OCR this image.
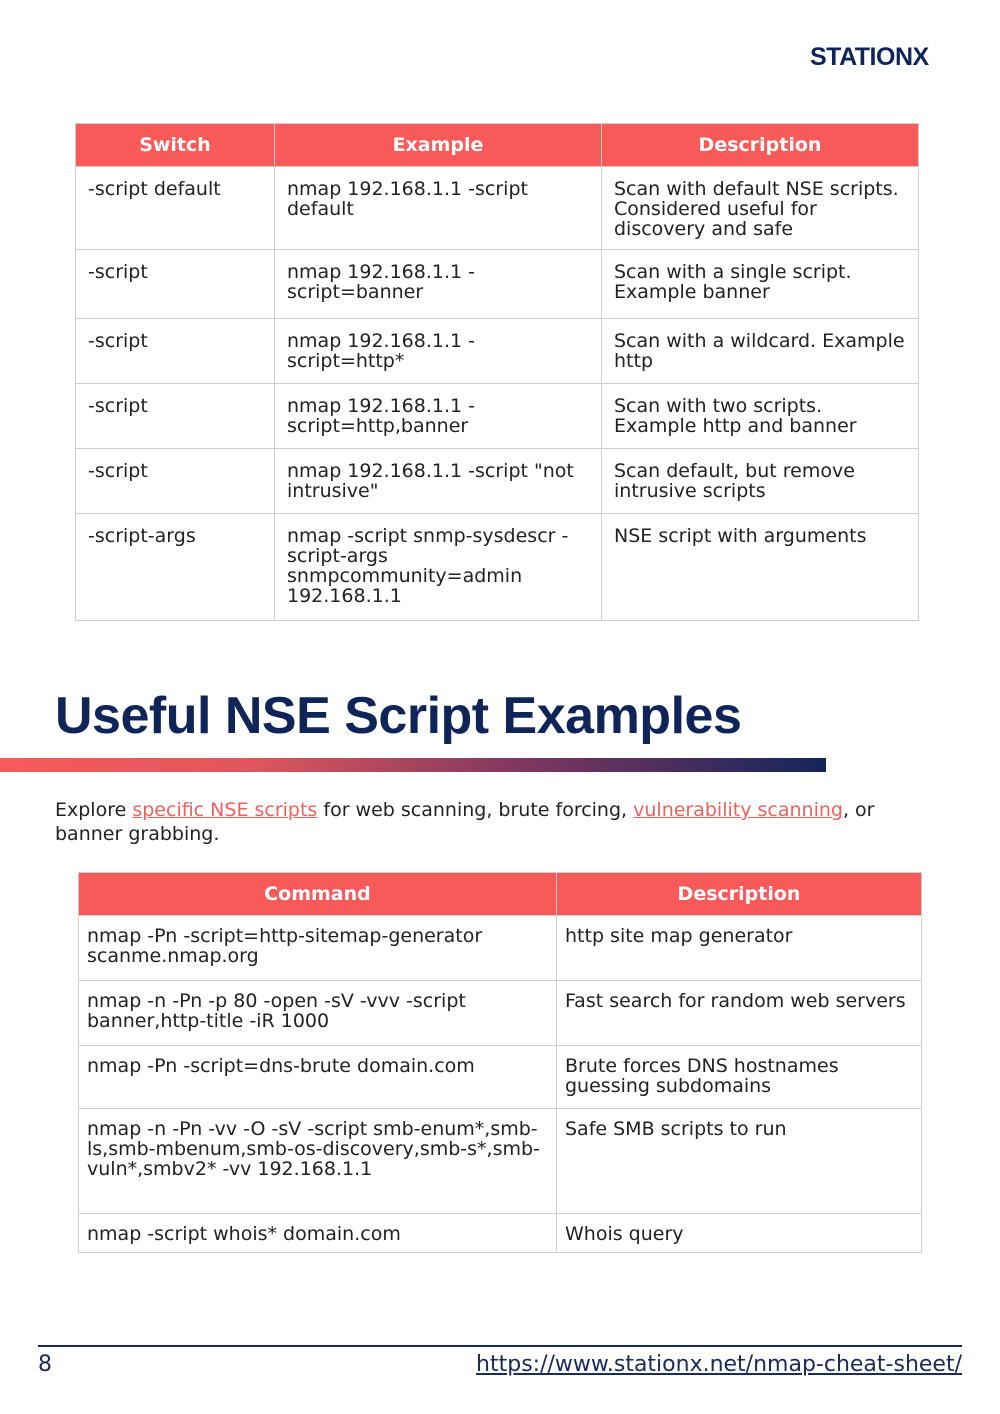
STATIONX
Switch	Example	Description
-script default	nmap 192.168.1.1 -script default	Scan with default NSE scripts. Considered useful for discovery and safe
-script	nmap 192.168.1.1 -script=banner	Scan with a single script. Example banner
-script	nmap 192.168.1.1 -script=http*	Scan with a wildcard. Example http
-script	nmap 192.168.1.1 -script=http,banner	Scan with two scripts. Example http and banner
-script	nmap 192.168.1.1 -script "not intrusive"	Scan default, but remove intrusive scripts
-script-args	nmap -script snmp-sysdescr -script-args snmpcommunity=admin 192.168.1.1	NSE script with arguments
Useful NSE Script Examples

Explore specific NSE scripts for web scanning, brute forcing, vulnerability scanning, or banner grabbing.

Command	Description
nmap -Pn -script=http-sitemap-generator scanme.nmap.org	http site map generator
nmap -n -Pn -p 80 -open -sV -vvv -script banner,http-title -iR 1000	Fast search for random web servers
nmap -Pn -script=dns-brute domain.com	Brute forces DNS hostnames guessing subdomains
nmap -n -Pn -vv -O -sV -script smb-enum*,smb-ls,smb-mbenum,smb-os-discovery,smb-s*,smb-vuln*,smbv2* -vv 192.168.1.1	Safe SMB scripts to run
nmap -script whois* domain.com	Whois query
8	https://www.stationx.net/nmap-cheat-sheet/
